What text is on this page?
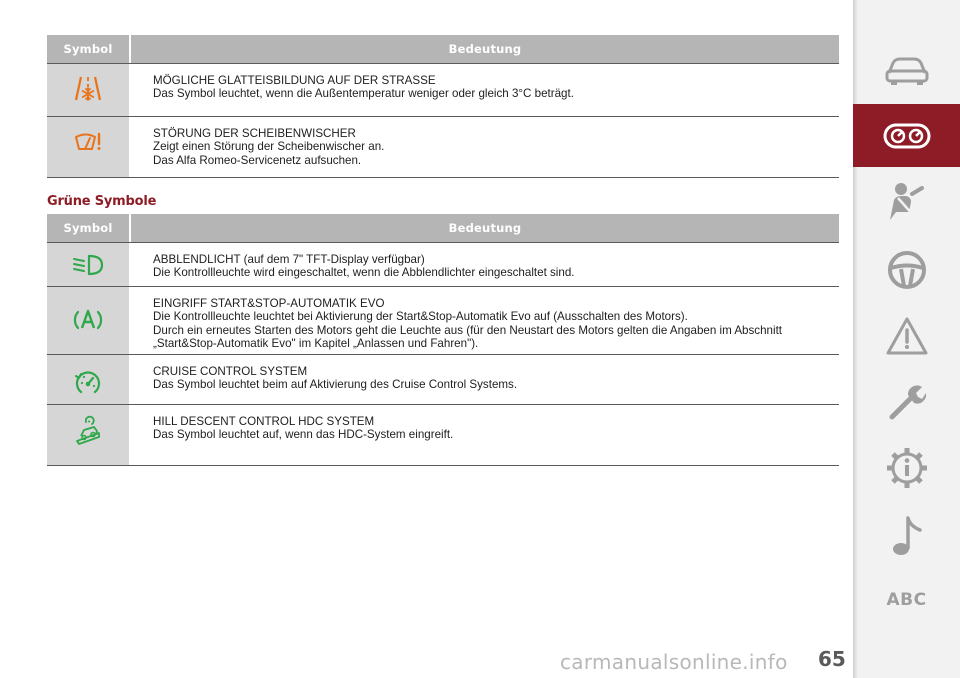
Symbol	Bedeutung
MÖGLICHE GLATTEISBILDUNG AUF DER STRASSE
Das Symbol leuchtet, wenn die Außentemperatur weniger oder gleich 3°C beträgt.
STÖRUNG DER SCHEIBENWISCHER
Zeigt einen Störung der Scheibenwischer an.
Das Alfa Romeo-Servicenetz aufsuchen.
Grüne Symbole
Symbol	Bedeutung
ABBLENDLICHT (auf dem 7" TFT-Display verfügbar)
Die Kontrollleuchte wird eingeschaltet, wenn die Abblendlichter eingeschaltet sind.
EINGRIFF START&STOP-AUTOMATIK EVO
Die Kontrollleuchte leuchtet bei Aktivierung der Start&Stop-Automatik Evo auf (Ausschalten des Motors).
Durch ein erneutes Starten des Motors geht die Leuchte aus (für den Neustart des Motors gelten die Angaben im Abschnitt
„Start&Stop-Automatik Evo" im Kapitel „Anlassen und Fahren").
CRUISE CONTROL SYSTEM
Das Symbol leuchtet beim auf Aktivierung des Cruise Control Systems.
HILL DESCENT CONTROL HDC SYSTEM
Das Symbol leuchtet auf, wenn das HDC-System eingreift.
ABC
carmanualsonline.info 65
